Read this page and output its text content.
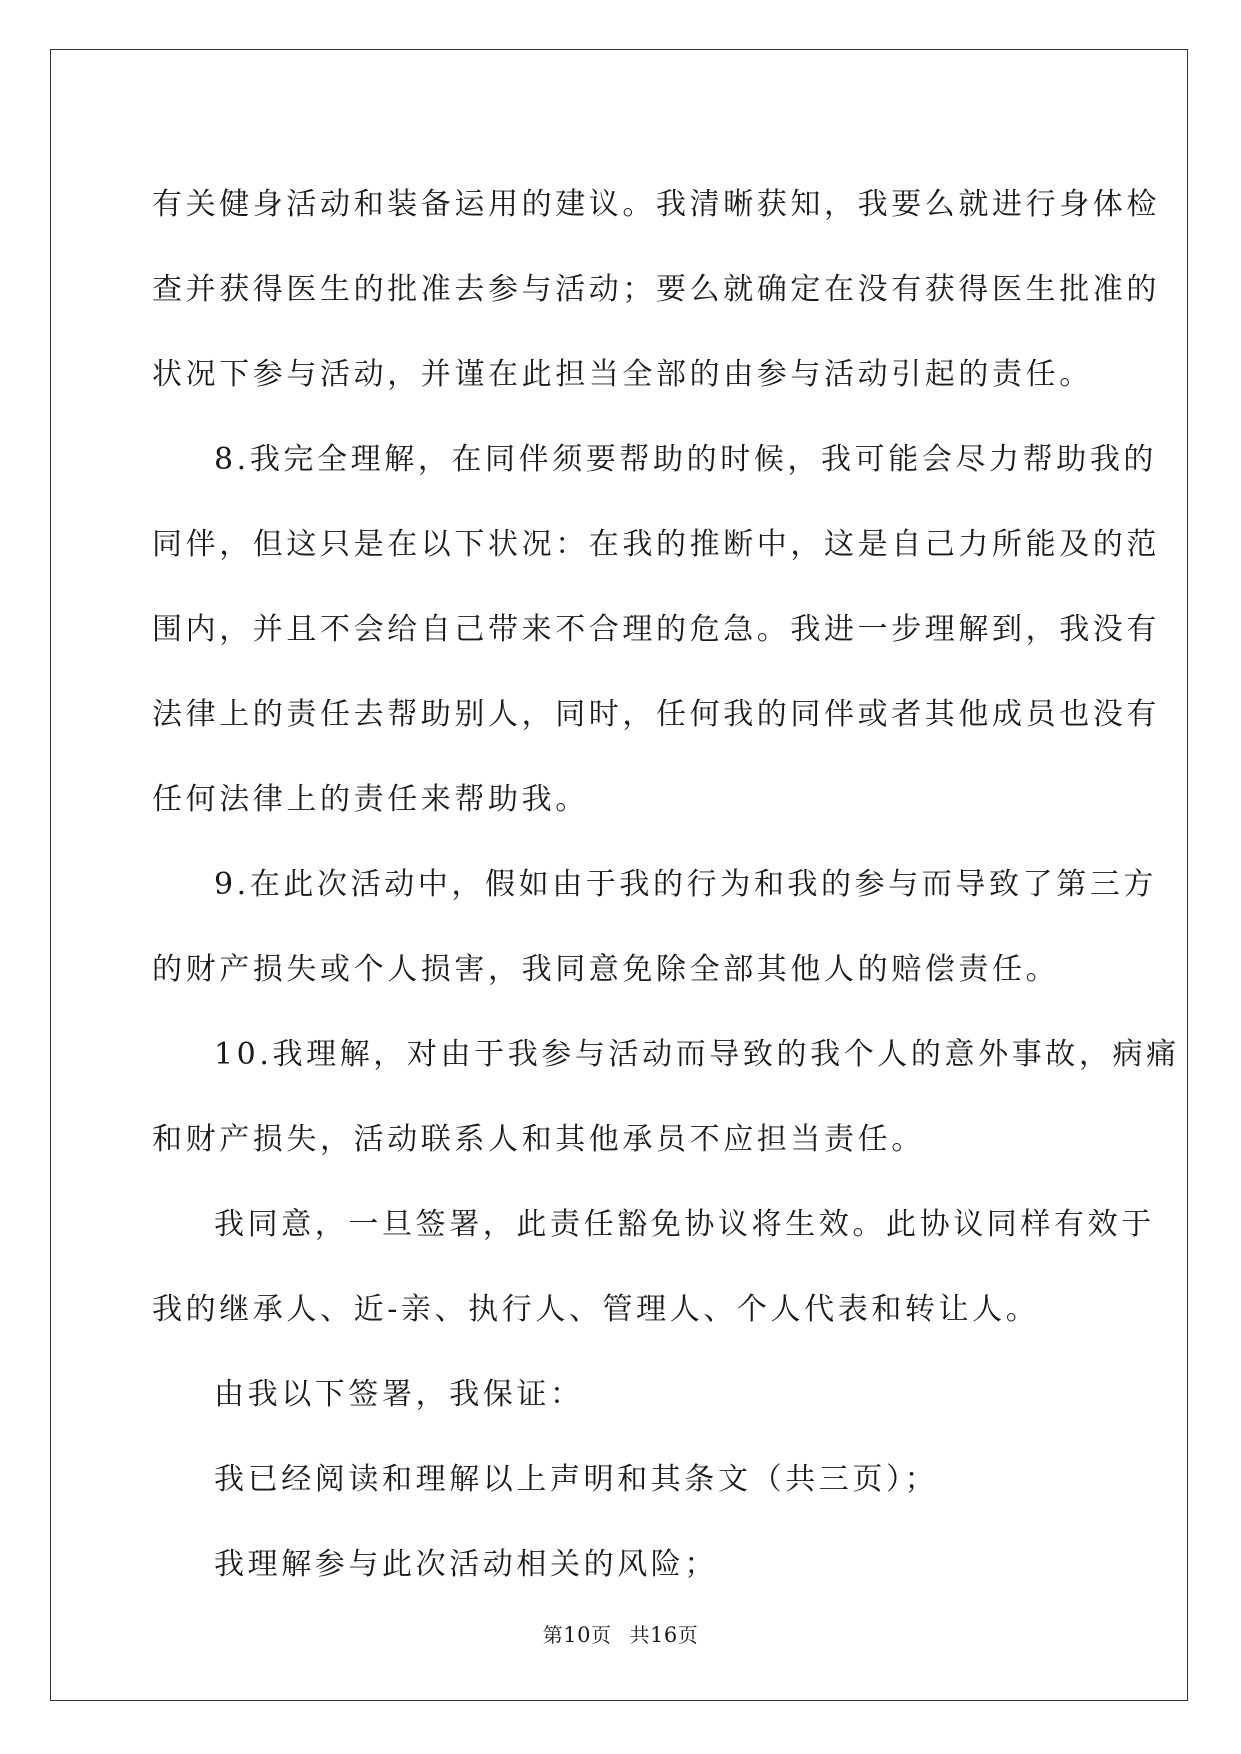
有关健身活动和装备运用的建议。我清晰获知，我要么就进行身体检
查并获得医生的批准去参与活动；要么就确定在没有获得医生批准的
状况下参与活动，并谨在此担当全部的由参与活动引起的责任。
8.我完全理解，在同伴须要帮助的时候，我可能会尽力帮助我的
同伴，但这只是在以下状况：在我的推断中，这是自己力所能及的范
围内，并且不会给自己带来不合理的危急。我进一步理解到，我没有
法律上的责任去帮助别人，同时，任何我的同伴或者其他成员也没有
任何法律上的责任来帮助我。
9.在此次活动中，假如由于我的行为和我的参与而导致了第三方
的财产损失或个人损害，我同意免除全部其他人的赔偿责任。
10.我理解，对由于我参与活动而导致的我个人的意外事故，病痛
和财产损失，活动联系人和其他承员不应担当责任。
我同意，一旦签署，此责任豁免协议将生效。此协议同样有效于
我的继承人、近-亲、执行人、管理人、个人代表和转让人。
由我以下签署，我保证：
我已经阅读和理解以上声明和其条文（共三页）；
我理解参与此次活动相关的风险；
第10页 共16页
